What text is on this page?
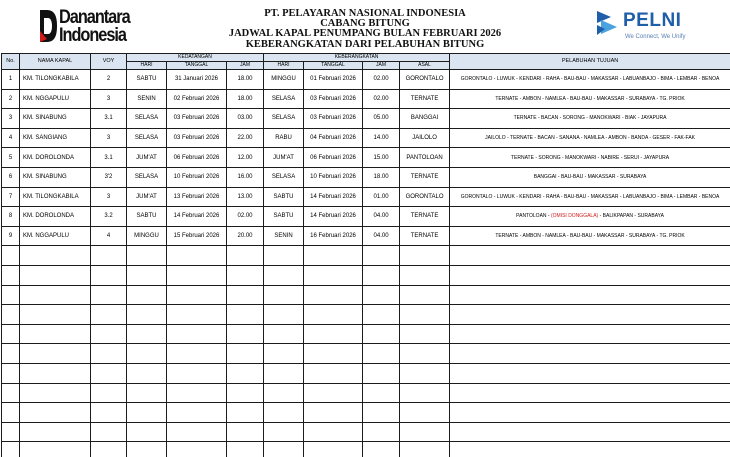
Danantara
Indonesia
PT. PELAYARAN NASIONAL INDONESIA
CABANG BITUNG
JADWAL KAPAL PENUMPANG BULAN FEBRUARI 2026
KEBERANGKATAN DARI PELABUHAN BITUNG
PELNI
We Connect, We Unify
No.	NAMA KAPAL	VOY	KEDATANGAN			KEBERANGKATAN				PELABUHAN TUJUAN
			HARI	TANGGAL	JAM	HARI	TANGGAL	JAM	ASAL	
1	KM. TILONGKABILA	2	SABTU	31 Januari 2026	18.00	MINGGU	01 Februari 2026	02.00	GORONTALO	GORONTALO - LUWUK - KENDARI - RAHA - BAU-BAU - MAKASSAR - LABUANBAJO - BIMA - LEMBAR - BENOA
2	KM. NGGAPULU	3	SENIN	02 Februari 2026	18.00	SELASA	03 Februari 2026	02.00	TERNATE	TERNATE - AMBON - NAMLEA - BAU-BAU - MAKASSAR - SURABAYA - TG. PRIOK
3	KM. SINABUNG	3.1	SELASA	03 Februari 2026	03.00	SELASA	03 Februari 2026	05.00	BANGGAI	TERNATE - BACAN - SORONG - MANOKWARI - BIAK - JAYAPURA
4	KM. SANGIANG	3	SELASA	03 Februari 2026	22.00	RABU	04 Februari 2026	14.00	JAILOLO	JAILOLO - TERNATE - BACAN - SANANA - NAMLEA - AMBON - BANDA - GESER - FAK-FAK
5	KM. DOROLONDA	3.1	JUM'AT	06 Februari 2026	12.00	JUM'AT	06 Februari 2026	15.00	PANTOLOAN	TERNATE - SORONG - MANOKWARI - NABIRE - SERUI - JAYAPURA
6	KM. SINABUNG	3'2	SELASA	10 Februari 2026	16.00	SELASA	10 Februari 2026	18.00	TERNATE	BANGGAI - BAU-BAU - MAKASSAR - SURABAYA
7	KM. TILONGKABILA	3	JUM'AT	13 Februari 2026	13.00	SABTU	14 Februari 2026	01.00	GORONTALO	GORONTALO - LUWUK - KENDARI - RAHA - BAU-BAU - MAKASSAR - LABUANBAJO - BIMA - LEMBAR - BENOA
8	KM. DOROLONDA	3.2	SABTU	14 Februari 2026	02.00	SABTU	14 Februari 2026	04.00	TERNATE	PANTOLOAN - (OMISI DONGGALA) - BALIKPAPAN - SURABAYA
9	KM. NGGAPULU	4	MINGGU	15 Februari 2026	20.00	SENIN	16 Februari 2026	04.00	TERNATE	TERNATE - AMBON - NAMLEA - BAU-BAU - MAKASSAR - SURABAYA - TG. PRIOK
